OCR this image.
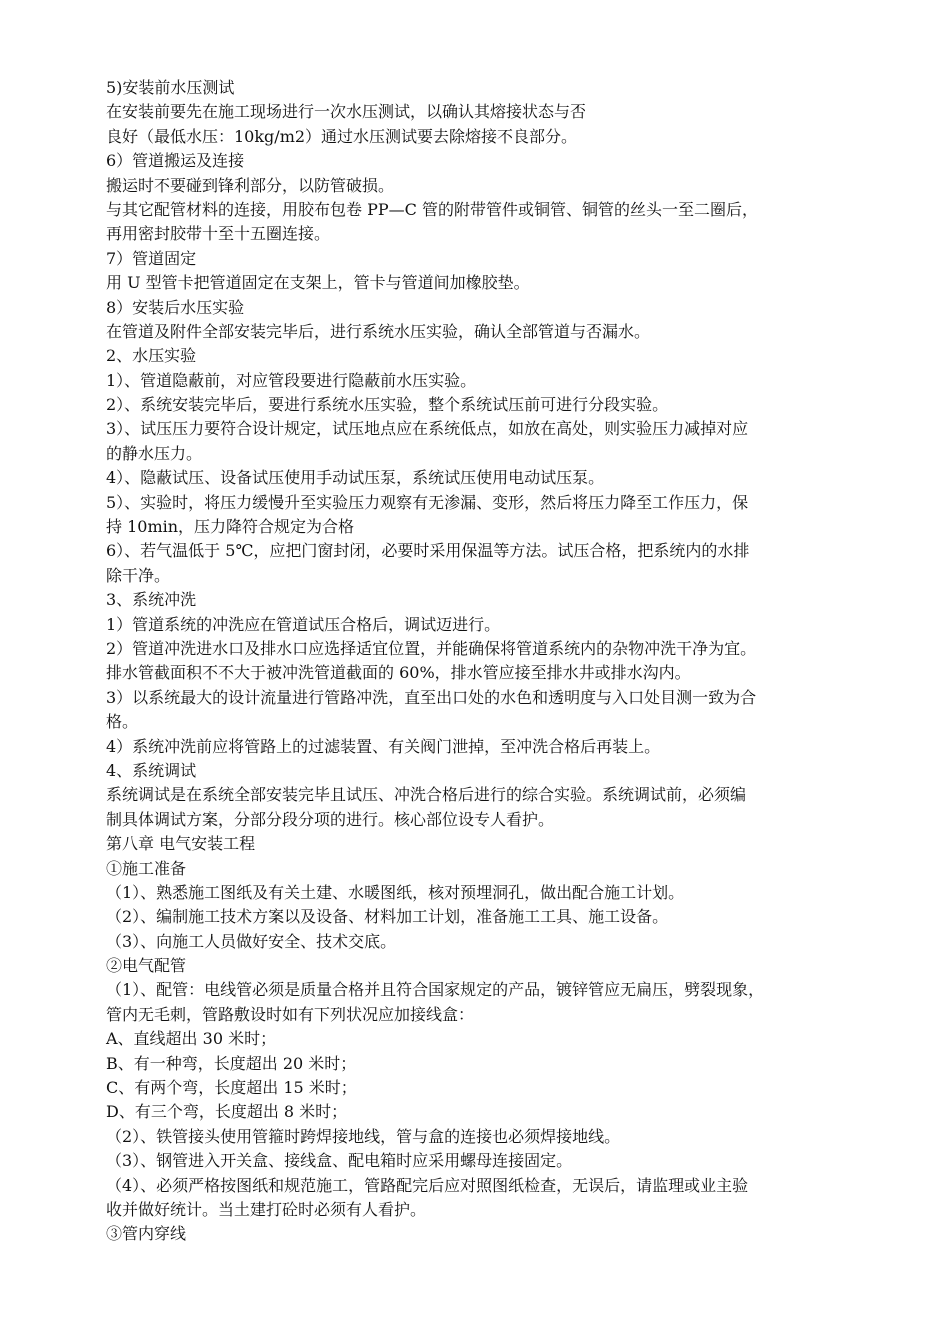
5)安装前水压测试
在安装前要先在施工现场进行一次水压测试，以确认其熔接状态与否
良好（最低水压：10kg/m2）通过水压测试要去除熔接不良部分。
6）管道搬运及连接
搬运时不要碰到锋利部分，以防管破损。
与其它配管材料的连接，用胶布包卷 PP—C 管的附带管件或铜管、铜管的丝头一至二圈后，
再用密封胶带十至十五圈连接。
7）管道固定
用 U 型管卡把管道固定在支架上，管卡与管道间加橡胶垫。
8）安装后水压实验
在管道及附件全部安装完毕后，进行系统水压实验，确认全部管道与否漏水。
2、水压实验
1）、管道隐蔽前，对应管段要进行隐蔽前水压实验。
2）、系统安装完毕后，要进行系统水压实验，整个系统试压前可进行分段实验。
3）、试压压力要符合设计规定，试压地点应在系统低点，如放在高处，则实验压力减掉对应
的静水压力。
4）、隐蔽试压、设备试压使用手动试压泵，系统试压使用电动试压泵。
5）、实验时，将压力缓慢升至实验压力观察有无渗漏、变形，然后将压力降至工作压力，保
持 10min，压力降符合规定为合格
6）、若气温低于 5℃，应把门窗封闭，必要时采用保温等方法。试压合格，把系统内的水排
除干净。
3、系统冲洗
1）管道系统的冲洗应在管道试压合格后，调试迈进行。
2）管道冲洗进水口及排水口应选择适宜位置，并能确保将管道系统内的杂物冲洗干净为宜。
排水管截面积不不大于被冲洗管道截面的 60%，排水管应接至排水井或排水沟内。
3）以系统最大的设计流量进行管路冲洗，直至出口处的水色和透明度与入口处目测一致为合
格。
4）系统冲洗前应将管路上的过滤装置、有关阀门泄掉，至冲洗合格后再装上。
4、系统调试
系统调试是在系统全部安装完毕且试压、冲洗合格后进行的综合实验。系统调试前，必须编
制具体调试方案，分部分段分项的进行。核心部位设专人看护。
第八章 电气安装工程
①施工准备
（1）、熟悉施工图纸及有关土建、水暖图纸，核对预埋洞孔，做出配合施工计划。
（2）、编制施工技术方案以及设备、材料加工计划，准备施工工具、施工设备。
（3）、向施工人员做好安全、技术交底。
②电气配管
（1）、配管：电线管必须是质量合格并且符合国家规定的产品，镀锌管应无扁压，劈裂现象，
管内无毛刺，管路敷设时如有下列状况应加接线盒：
A、直线超出 30 米时；
B、有一种弯，长度超出 20 米时；
C、有两个弯，长度超出 15 米时；
D、有三个弯，长度超出 8 米时；
（2）、铁管接头使用管箍时跨焊接地线，管与盒的连接也必须焊接地线。
（3）、钢管进入开关盒、接线盒、配电箱时应采用螺母连接固定。
（4）、必须严格按图纸和规范施工，管路配完后应对照图纸检查，无误后，请监理或业主验
收并做好统计。当土建打砼时必须有人看护。
③管内穿线
